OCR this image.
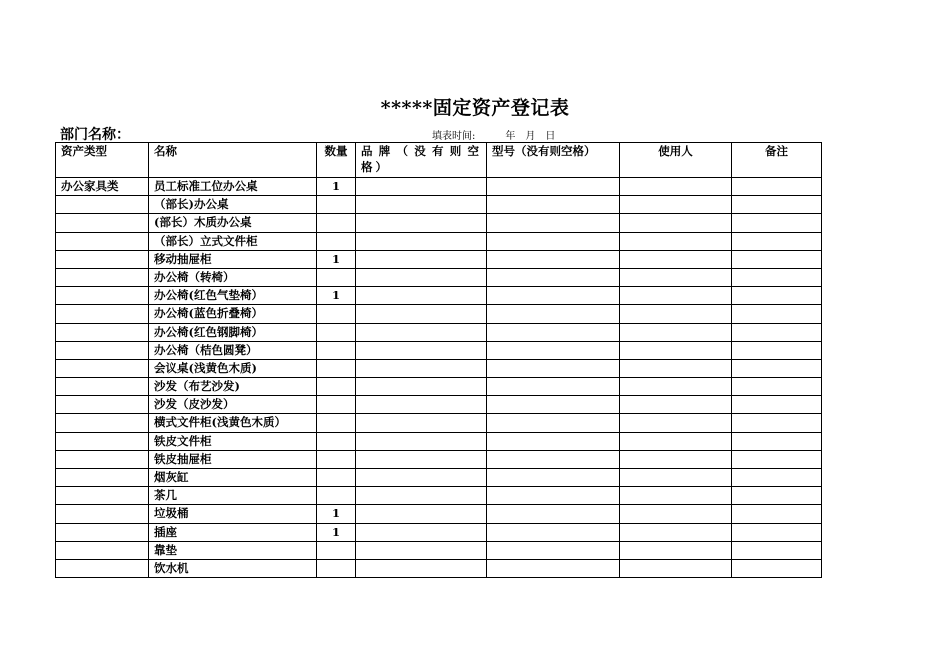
*****固定资产登记表
部门名称：	填表时间:	年 月 日
资产类型	名称	数量	品牌（没有则空格）	型号（没有则空格）	使用人	备注
办公家具类	员工标准工位办公桌	1				
	（部长)办公桌					
	(部长）木质办公桌					
	（部长）立式文件柜					
	移动抽屉柜	1				
	办公椅（转椅）					
	办公椅(红色气垫椅）	1				
	办公椅(蓝色折叠椅）					
	办公椅(红色钢脚椅）					
	办公椅（桔色圆凳）					
	会议桌(浅黄色木质)					
	沙发（布艺沙发)					
	沙发（皮沙发）					
	横式文件柜(浅黄色木质）					
	铁皮文件柜					
	铁皮抽屉柜					
	烟灰缸					
	茶几					
	垃圾桶	1				
	插座	1				
	靠垫					
	饮水机					
